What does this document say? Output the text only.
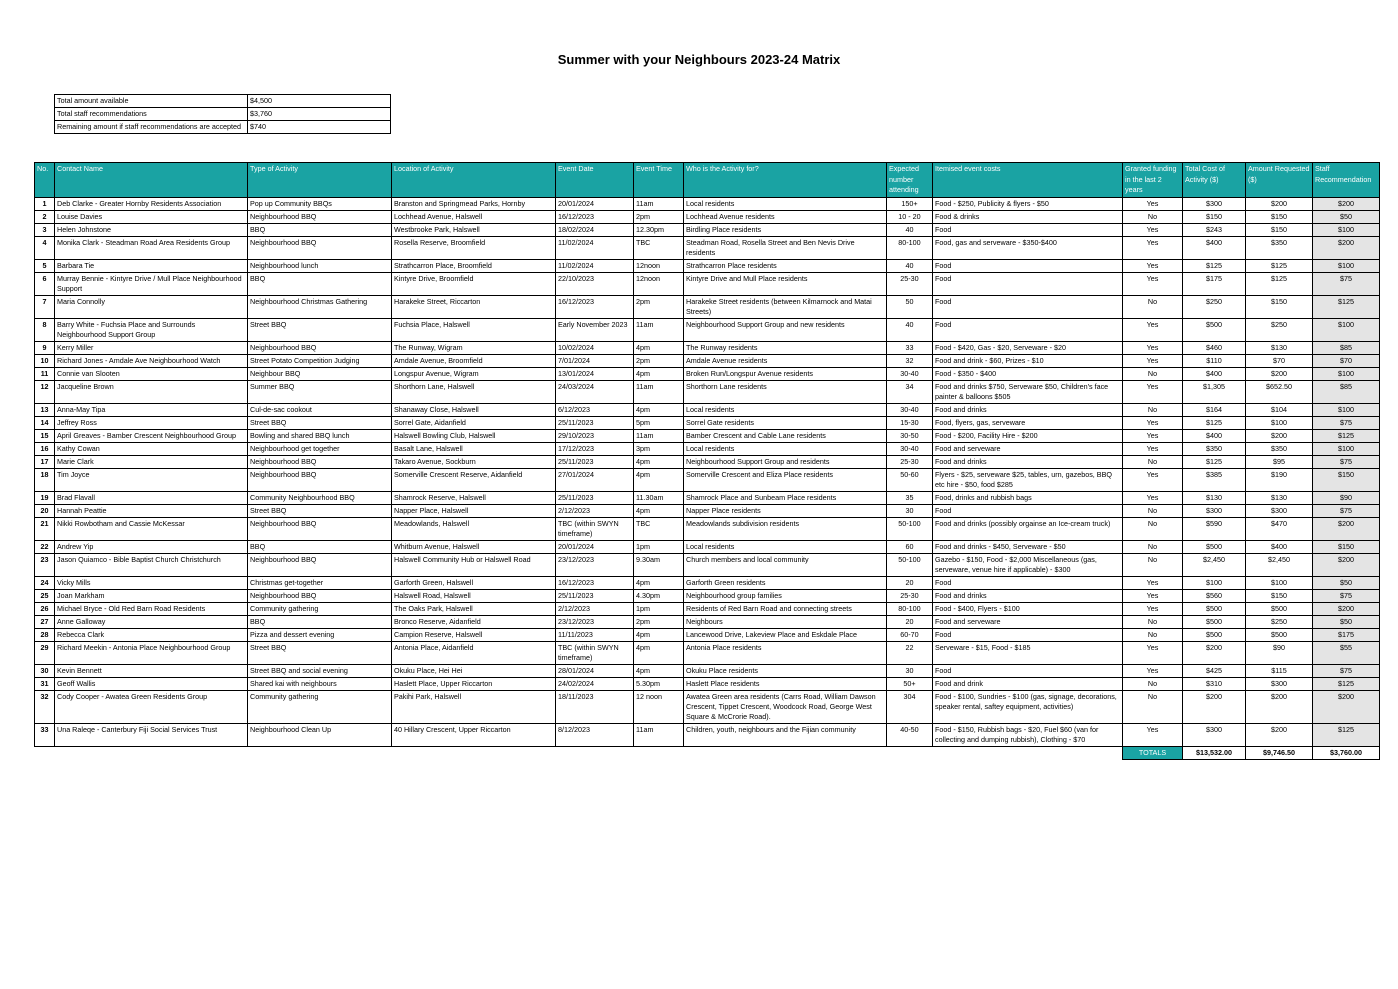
Summer with your Neighbours 2023-24 Matrix
Total amount available	$4,500
Total staff recommendations	$3,760
Remaining amount if staff recommendations are accepted	$740
No.	Contact Name	Type of Activity	Location of Activity	Event Date	Event Time	Who is the Activity for?	Expected number attending	Itemised event costs	Granted funding in the last 2 years	Total Cost of Activity ($)	Amount Requested ($)	Staff Recommendation
1	Deb Clarke - Greater Hornby Residents Association	Pop up Community BBQs	Branston and Springmead Parks, Hornby	20/01/2024	11am	Local residents	150+	Food - $250, Publicity & flyers - $50	Yes	$300	$200	$200
2	Louise Davies	Neighbourhood BBQ	Lochhead Avenue, Halswell	16/12/2023	2pm	Lochhead Avenue residents	10 - 20	Food & drinks	No	$150	$150	$50
3	Helen Johnstone	BBQ	Westbrooke Park, Halswell	18/02/2024	12.30pm	Birdling Place residents	40	Food	Yes	$243	$150	$100
4	Monika Clark - Steadman Road Area Residents Group	Neighbourhood BBQ	Rosella Reserve, Broomfield	11/02/2024	TBC	Steadman Road, Rosella Street and Ben Nevis Drive residents	80-100	Food, gas and serveware - $350-$400	Yes	$400	$350	$200
5	Barbara Tie	Neighbourhood lunch	Strathcarron Place, Broomfield	11/02/2024	12noon	Strathcarron Place residents	40	Food	Yes	$125	$125	$100
6	Murray Bennie - Kintyre Drive / Mull Place Neighbourhood Support	BBQ	Kintyre Drive, Broomfield	22/10/2023	12noon	Kintyre Drive and Mull Place residents	25-30	Food	Yes	$175	$125	$75
7	Maria Connolly	Neighbourhood Christmas Gathering	Harakeke Street, Riccarton	16/12/2023	2pm	Harakeke Street residents (between Kilmarnock and Matai Streets)	50	Food	No	$250	$150	$125
8	Barry White - Fuchsia Place and Surrounds Neighbourhood Support Group	Street BBQ	Fuchsia Place, Halswell	Early November 2023	11am	Neighbourhood Support Group and new residents	40	Food	Yes	$500	$250	$100
9	Kerry Miller	Neighbourhood BBQ	The Runway, Wigram	10/02/2024	4pm	The Runway residents	33	Food - $420, Gas - $20, Serveware - $20	Yes	$460	$130	$85
10	Richard Jones - Amdale Ave Neighbourhood Watch	Street Potato Competition Judging	Amdale Avenue, Broomfield	7/01/2024	2pm	Amdale Avenue residents	32	Food and drink - $60, Prizes - $10	Yes	$110	$70	$70
11	Connie van Slooten	Neighbour BBQ	Longspur Avenue, Wigram	13/01/2024	4pm	Broken Run/Longspur Avenue residents	30-40	Food - $350 - $400	No	$400	$200	$100
12	Jacqueline Brown	Summer BBQ	Shorthorn Lane, Halswell	24/03/2024	11am	Shorthorn Lane residents	34	Food and drinks $750, Serveware $50, Children's face painter & balloons $505	Yes	$1,305	$652.50	$85
13	Anna-May Tipa	Cul-de-sac cookout	Shanaway Close, Halswell	6/12/2023	4pm	Local residents	30-40	Food and drinks	No	$164	$104	$100
14	Jeffrey Ross	Street BBQ	Sorrel Gate, Aidanfield	25/11/2023	5pm	Sorrel Gate residents	15-30	Food, flyers, gas, serveware	Yes	$125	$100	$75
15	April Greaves - Bamber Crescent Neighbourhood Group	Bowling and shared BBQ lunch	Halswell Bowling Club, Halswell	29/10/2023	11am	Bamber Crescent and Cable Lane residents	30-50	Food - $200, Facility Hire - $200	Yes	$400	$200	$125
16	Kathy Cowan	Neighbourhood get together	Basalt Lane, Halswell	17/12/2023	3pm	Local residents	30-40	Food and serveware	Yes	$350	$350	$100
17	Marie Clark	Neighbourhood BBQ	Takaro Avenue, Sockburn	25/11/2023	4pm	Neighbourhood Support Group and residents	25-30	Food and drinks	No	$125	$95	$75
18	Tim Joyce	Neighbourhood BBQ	Somerville Crescent Reserve, Aidanfield	27/01/2024	4pm	Somerville Crescent and Eliza Place residents	50-60	Flyers - $25, serveware $25, tables, urn, gazebos, BBQ etc hire - $50, food $285	Yes	$385	$190	$150
19	Brad Flavall	Community Neighbourhood BBQ	Shamrock Reserve, Halswell	25/11/2023	11.30am	Shamrock Place and Sunbeam Place residents	35	Food, drinks and rubbish bags	Yes	$130	$130	$90
20	Hannah Peattie	Street BBQ	Napper Place, Halswell	2/12/2023	4pm	Napper Place residents	30	Food	No	$300	$300	$75
21	Nikki Rowbotham and Cassie McKessar	Neighbourhood BBQ	Meadowlands, Halswell	TBC (within SWYN timeframe)	TBC	Meadowlands subdivision residents	50-100	Food and drinks (possibly orgainse an Ice-cream truck)	No	$590	$470	$200
22	Andrew Yip	BBQ	Whitburn Avenue, Halswell	20/01/2024	1pm	Local residents	60	Food and drinks - $450, Serveware - $50	No	$500	$400	$150
23	Jason Quiamco - Bible Baptist Church Christchurch	Neighbourhood BBQ	Halswell Community Hub or Halswell Road	23/12/2023	9.30am	Church members and local community	50-100	Gazebo - $150, Food - $2,000 Miscellaneous (gas, serveware, venue hire if applicable) - $300	No	$2,450	$2,450	$200
24	Vicky Mills	Christmas get-together	Garforth Green, Halswell	16/12/2023	4pm	Garforth Green residents	20	Food	Yes	$100	$100	$50
25	Joan Markham	Neighbourhood BBQ	Halswell Road, Halswell	25/11/2023	4.30pm	Neighbourhood group families	25-30	Food and drinks	Yes	$560	$150	$75
26	Michael Bryce - Old Red Barn Road Residents	Community gathering	The Oaks Park, Halswell	2/12/2023	1pm	Residents of Red Barn Road and connecting streets	80-100	Food - $400, Flyers - $100	Yes	$500	$500	$200
27	Anne Galloway	BBQ	Bronco Reserve, Aidanfield	23/12/2023	2pm	Neighbours	20	Food and serveware	No	$500	$250	$50
28	Rebecca Clark	Pizza and dessert evening	Campion Reserve, Halswell	11/11/2023	4pm	Lancewood Drive, Lakeview Place and Eskdale Place	60-70	Food	No	$500	$500	$175
29	Richard Meekin - Antonia Place Neighbourhood Group	Street BBQ	Antonia Place, Aidanfield	TBC (within SWYN timeframe)	4pm	Antonia Place residents	22	Serveware - $15, Food - $185	Yes	$200	$90	$55
30	Kevin Bennett	Street BBQ and social evening	Okuku Place, Hei Hei	28/01/2024	4pm	Okuku Place residents	30	Food	Yes	$425	$115	$75
31	Geoff Wallis	Shared kai with neighbours	Haslett Place, Upper Riccarton	24/02/2024	5.30pm	Haslett Place residents	50+	Food and drink	No	$310	$300	$125
32	Cody Cooper - Awatea Green Residents Group	Community gathering	Pakihi Park, Halswell	18/11/2023	12 noon	Awatea Green area residents (Carrs Road, William Dawson Crescent, Tippet Crescent, Woodcock Road, George West Square & McCrorie Road).	304	Food - $100, Sundries - $100 (gas, signage, decorations, speaker rental, saftey equipment, activities)	No	$200	$200	$200
33	Una Raleqe - Canterbury Fiji Social Services Trust	Neighbourhood Clean Up	40 Hillary Crescent, Upper Riccarton	8/12/2023	11am	Children, youth, neighbours and the Fijian community	40-50	Food - $150, Rubbish bags - $20, Fuel $60 (van for collecting and dumping rubbish), Clothing - $70	Yes	$300	$200	$125
									TOTALS	$13,532.00	$9,746.50	$3,760.00
